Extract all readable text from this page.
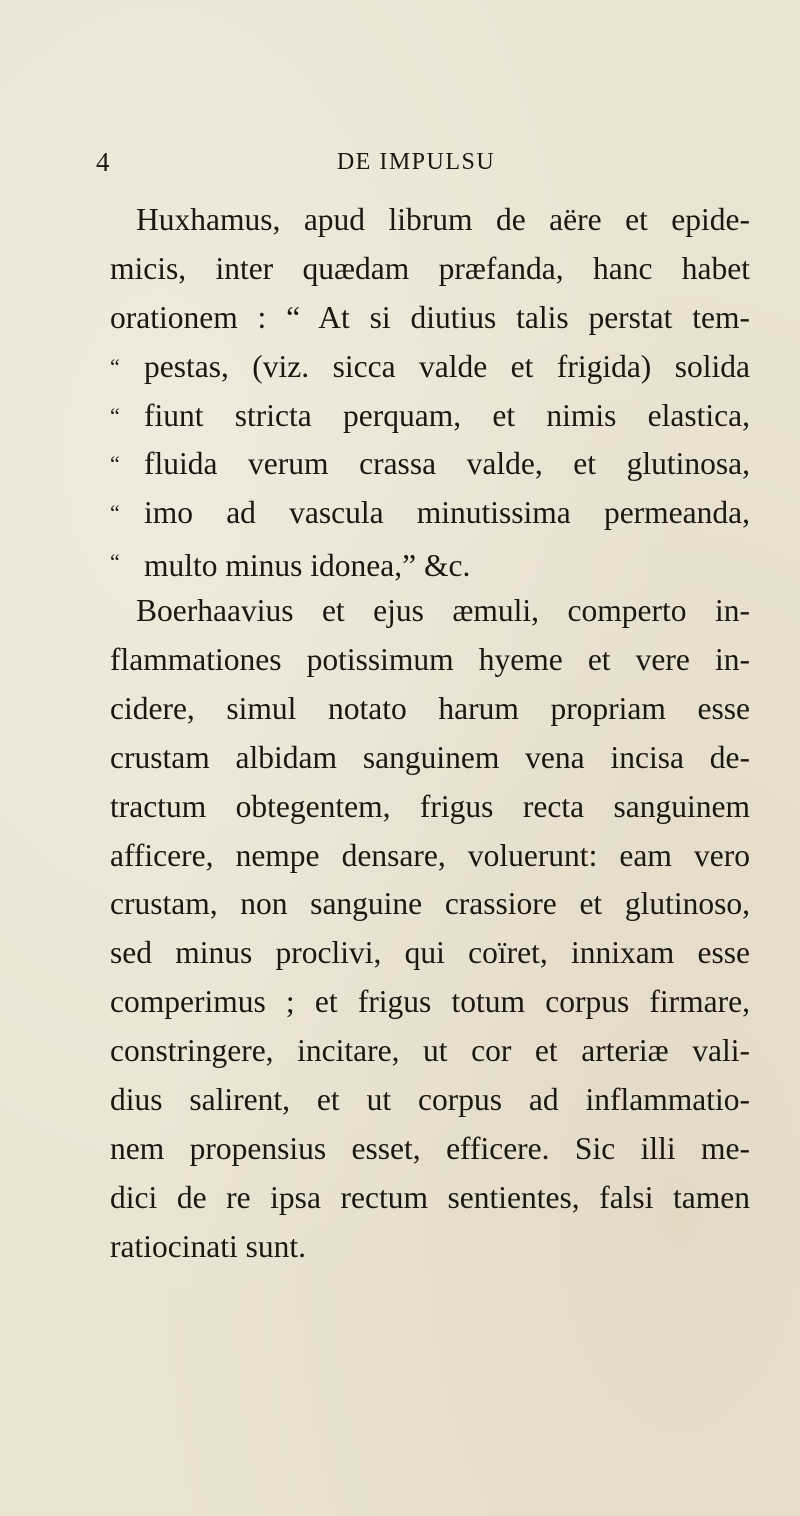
4	DE IMPULSU
Huxhamus, apud librum de aëre et epide-
micis, inter quædam præfanda, hanc habet
orationem : “ At si diutius talis perstat tem-
“ pestas, (viz. sicca valde et frigida) solida
“ fiunt stricta perquam, et nimis elastica,
“ fluida verum crassa valde, et glutinosa,
“ imo ad vascula minutissima permeanda,
“ multo minus idonea,” &c.
Boerhaavius et ejus æmuli, comperto in-
flammationes potissimum hyeme et vere in-
cidere, simul notato harum propriam esse
crustam albidam sanguinem vena incisa de-
tractum obtegentem, frigus recta sanguinem
afficere, nempe densare, voluerunt: eam vero
crustam, non sanguine crassiore et glutinoso,
sed minus proclivi, qui coïret, innixam esse
comperimus ; et frigus totum corpus firmare,
constringere, incitare, ut cor et arteriæ vali-
dius salirent, et ut corpus ad inflammatio-
nem propensius esset, efficere. Sic illi me-
dici de re ipsa rectum sentientes, falsi tamen
ratiocinati sunt.
